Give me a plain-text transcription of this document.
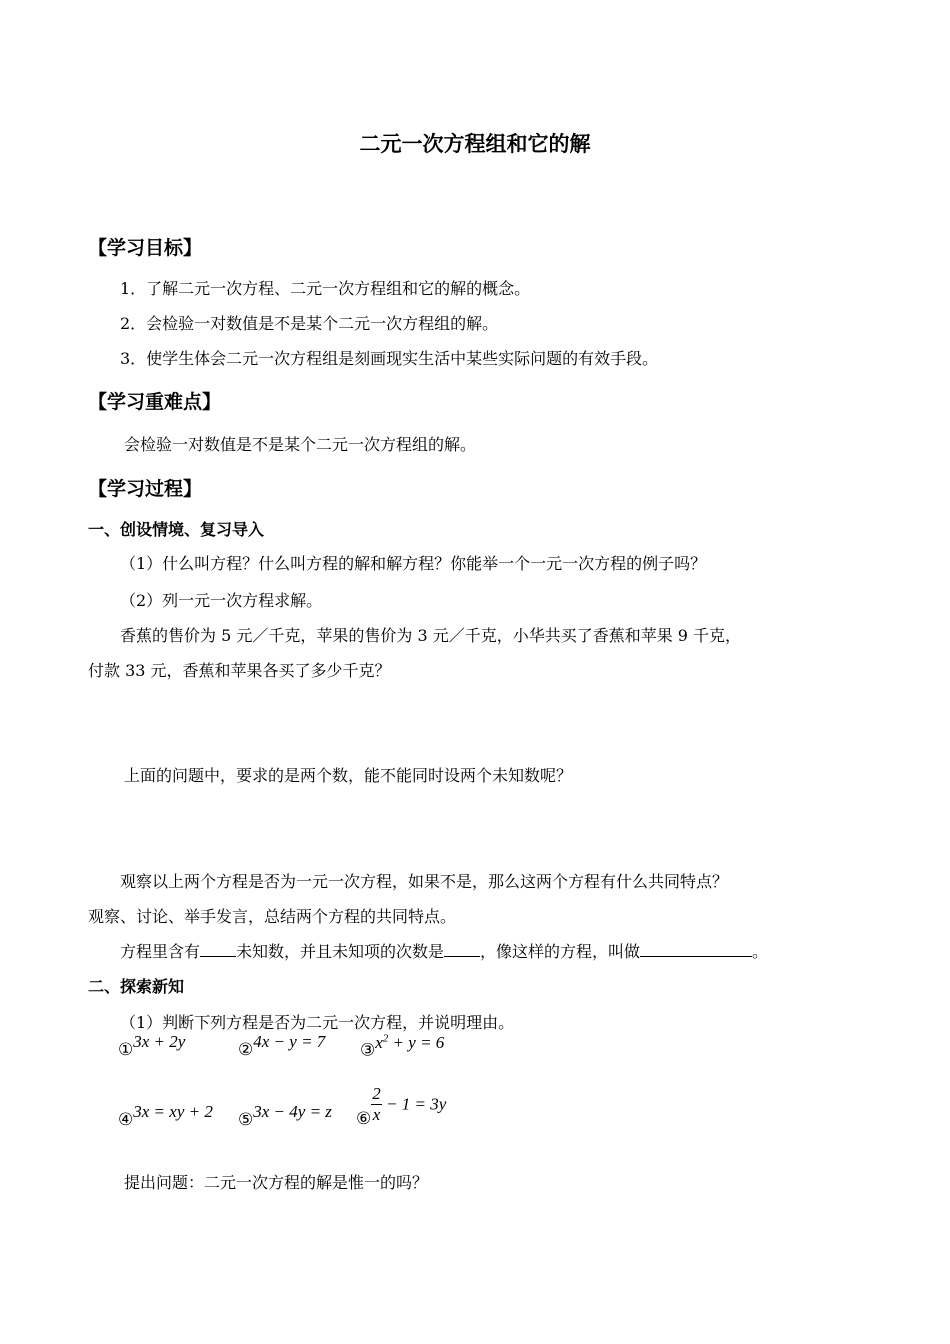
二元一次方程组和它的解
【学习目标】
1．了解二元一次方程、二元一次方程组和它的解的概念。
2．会检验一对数值是不是某个二元一次方程组的解。
3．使学生体会二元一次方程组是刻画现实生活中某些实际问题的有效手段。
【学习重难点】
会检验一对数值是不是某个二元一次方程组的解。
【学习过程】
一、创设情境、复习导入
（1）什么叫方程？什么叫方程的解和解方程？你能举一个一元一次方程的例子吗？
（2）列一元一次方程求解。
香蕉的售价为 5 元／千克，苹果的售价为 3 元／千克，小华共买了香蕉和苹果 9 千克，
付款 33 元，香蕉和苹果各买了多少千克？
上面的问题中，要求的是两个数，能不能同时设两个未知数呢？
观察以上两个方程是否为一元一次方程，如果不是，那么这两个方程有什么共同特点？
观察、讨论、举手发言，总结两个方程的共同特点。
方程里含有 未知数，并且未知项的次数是 ，像这样的方程，叫做	。
二、探索新知
（1）判断下列方程是否为二元一次方程，并说明理由。
①3x + 2y	②4x − y = 7 $③x^2 + y = 6$
④3x = xy + 2 ⑤3x − 4y = z ⑥ $\frac{2}{x} - 1 = 3y$
提出问题：二元一次方程的解是惟一的吗？
